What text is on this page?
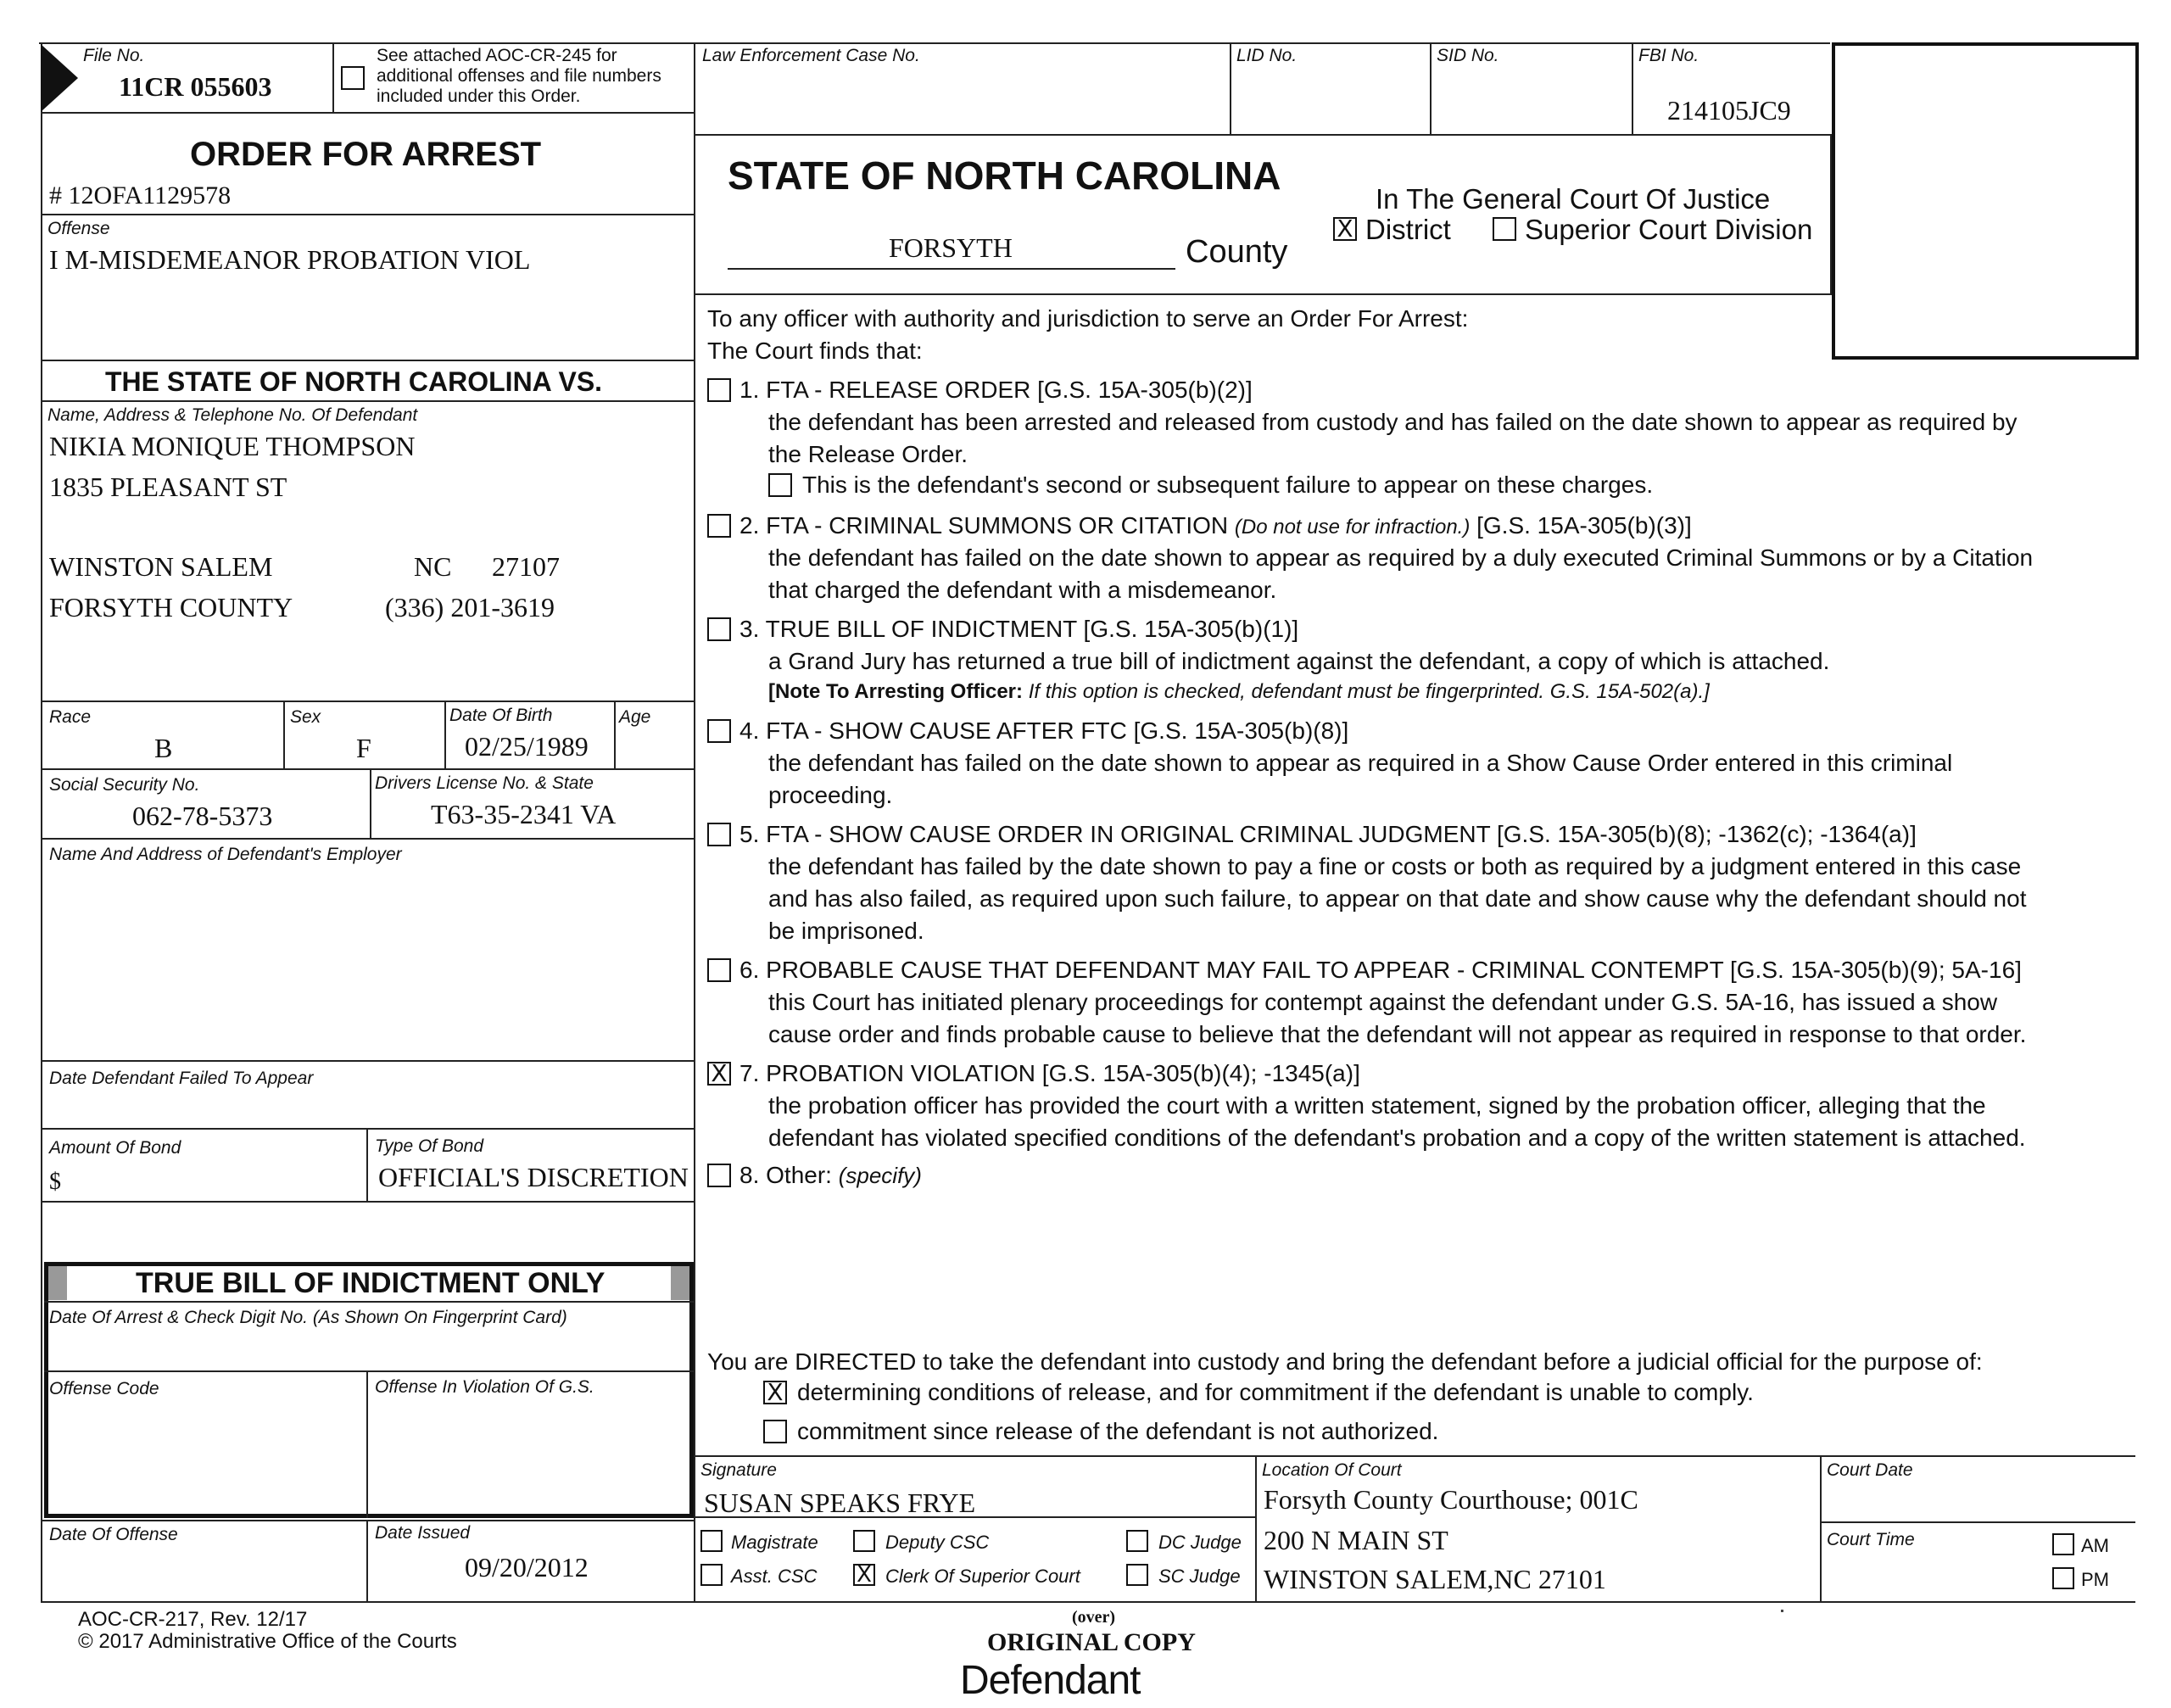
File No.
11CR 055603
See attached AOC-CR-245 for
additional offenses and file numbers
included under this Order.
Law Enforcement Case No.	LID No.	SID No.	FBI No.
214105JC9
ORDER FOR ARREST
# 12OFA1129578
Offense
I M-MISDEMEANOR PROBATION VIOL
THE STATE OF NORTH CAROLINA VS.
Name, Address & Telephone No. Of Defendant
NIKIA MONIQUE THOMPSON
1835 PLEASANT ST
WINSTON SALEM	NC 27107
FORSYTH COUNTY	(336) 201-3619
Race
B
Sex
F
Date Of Birth
02/25/1989
Age
Social Security No.
062-78-5373
Drivers License No. & State
T63-35-2341 VA
Name And Address of Defendant's Employer
Date Defendant Failed To Appear
Amount Of Bond
$
Type Of Bond
OFFICIAL'S DISCRETION
TRUE BILL OF INDICTMENT ONLY
Date Of Arrest & Check Digit No. (As Shown On Fingerprint Card)
Offense Code	Offense In Violation Of G.S.
Date Of Offense	Date Issued
09/20/2012
STATE OF NORTH CAROLINA
FORSYTH	County
In The General Court Of Justice
X District	Superior Court Division
To any officer with authority and jurisdiction to serve an Order For Arrest:
The Court finds that:
1. FTA - RELEASE ORDER [G.S. 15A-305(b)(2)]
the defendant has been arrested and released from custody and has failed on the date shown to appear as required by
the Release Order.
This is the defendant's second or subsequent failure to appear on these charges.
2. FTA - CRIMINAL SUMMONS OR CITATION (Do not use for infraction.) [G.S. 15A-305(b)(3)]
the defendant has failed on the date shown to appear as required by a duly executed Criminal Summons or by a Citation
that charged the defendant with a misdemeanor.
3. TRUE BILL OF INDICTMENT [G.S. 15A-305(b)(1)]
a Grand Jury has returned a true bill of indictment against the defendant, a copy of which is attached.
[Note To Arresting Officer: If this option is checked, defendant must be fingerprinted. G.S. 15A-502(a).]
4. FTA - SHOW CAUSE AFTER FTC [G.S. 15A-305(b)(8)]
the defendant has failed on the date shown to appear as required in a Show Cause Order entered in this criminal
proceeding.
5. FTA - SHOW CAUSE ORDER IN ORIGINAL CRIMINAL JUDGMENT [G.S. 15A-305(b)(8); -1362(c); -1364(a)]
the defendant has failed by the date shown to pay a fine or costs or both as required by a judgment entered in this case
and has also failed, as required upon such failure, to appear on that date and show cause why the defendant should not
be imprisoned.
6. PROBABLE CAUSE THAT DEFENDANT MAY FAIL TO APPEAR - CRIMINAL CONTEMPT [G.S. 15A-305(b)(9); 5A-16]
this Court has initiated plenary proceedings for contempt against the defendant under G.S. 5A-16, has issued a show
cause order and finds probable cause to believe that the defendant will not appear as required in response to that order.
X 7. PROBATION VIOLATION [G.S. 15A-305(b)(4); -1345(a)]
the probation officer has provided the court with a written statement, signed by the probation officer, alleging that the
defendant has violated specified conditions of the defendant's probation and a copy of the written statement is attached.
8. Other: (specify)
You are DIRECTED to take the defendant into custody and bring the defendant before a judicial official for the purpose of:
X determining conditions of release, and for commitment if the defendant is unable to comply.
commitment since release of the defendant is not authorized.
Signature
SUSAN SPEAKS FRYE
Magistrate	Deputy CSC	DC Judge
Asst. CSC X Clerk Of Superior Court	SC Judge
Location Of Court
Forsyth County Courthouse; 001C
200 N MAIN ST
WINSTON SALEM,NC 27101
Court Date
Court Time	AM
PM
AOC-CR-217, Rev. 12/17
© 2017 Administrative Office of the Courts
(over)
ORIGINAL COPY
Defendant
